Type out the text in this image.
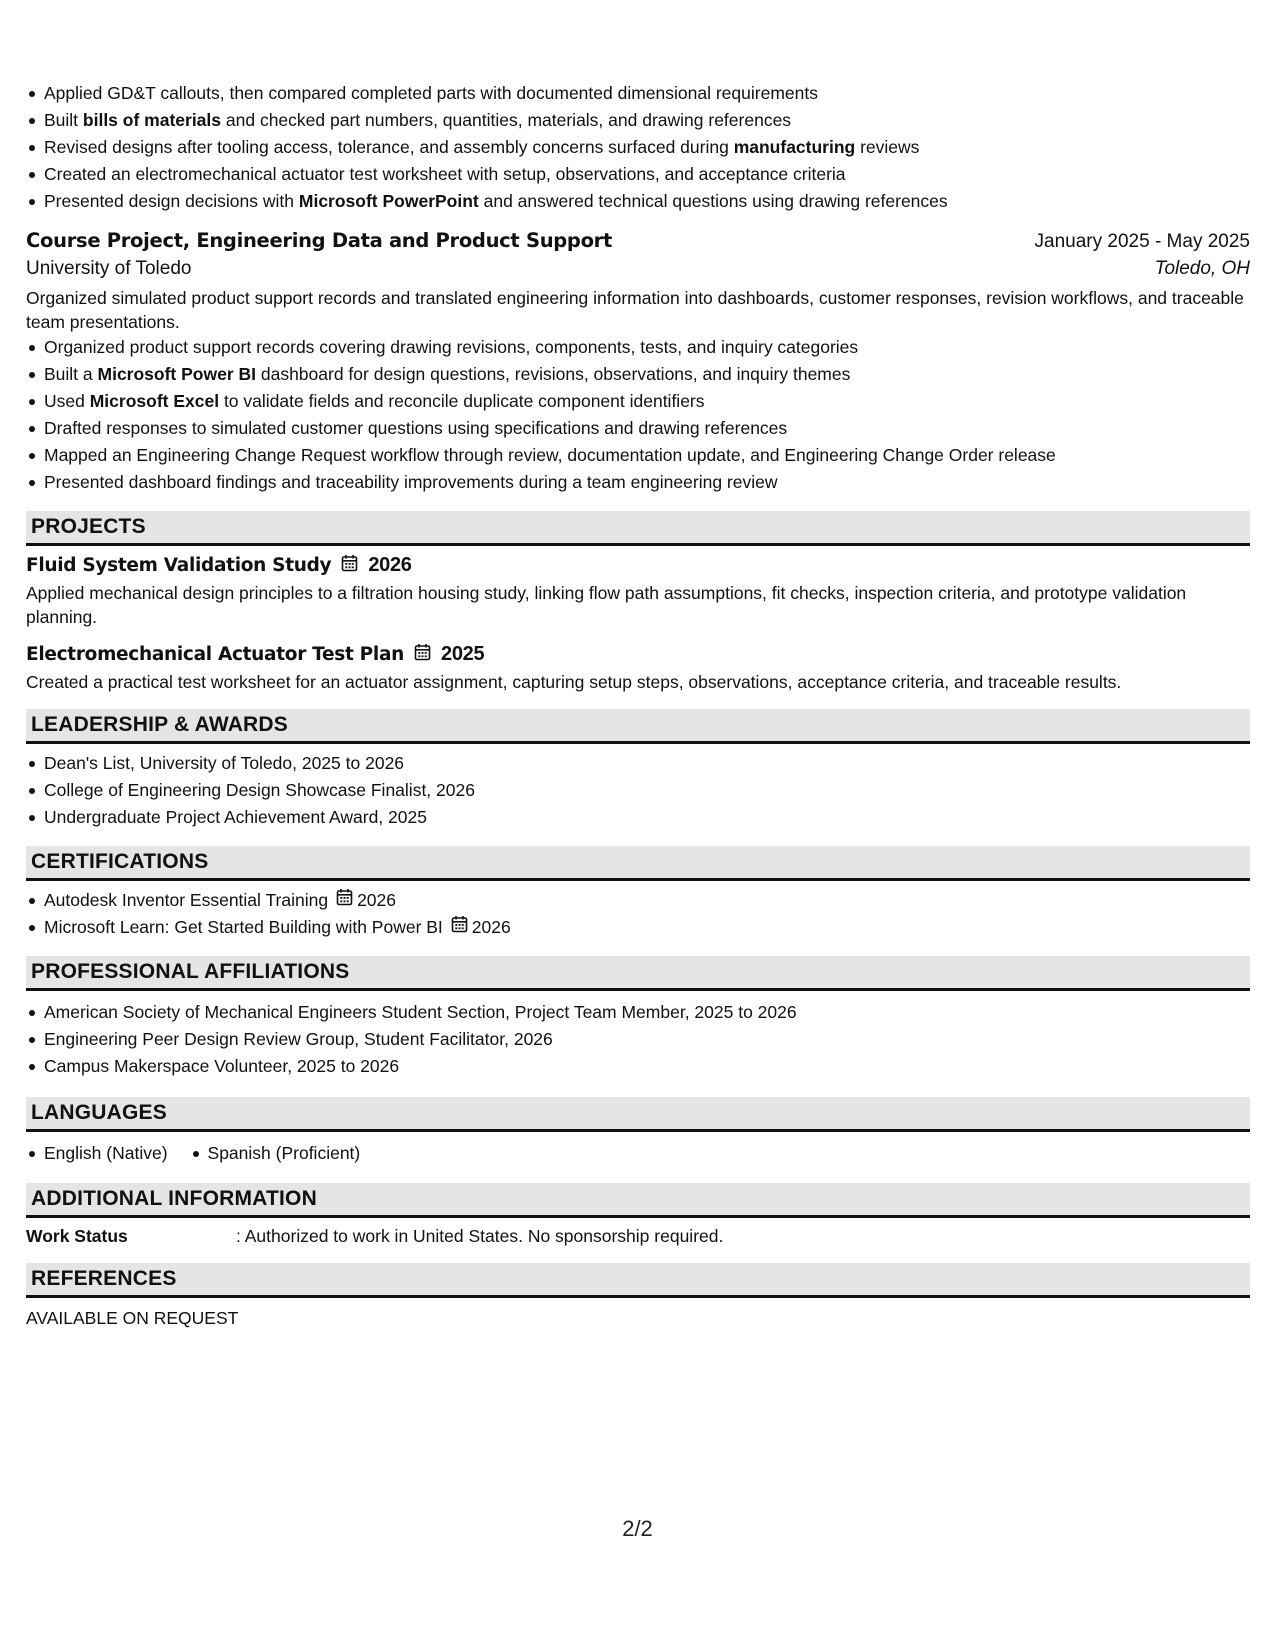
Applied GD&T callouts, then compared completed parts with documented dimensional requirements
Built bills of materials and checked part numbers, quantities, materials, and drawing references
Revised designs after tooling access, tolerance, and assembly concerns surfaced during manufacturing reviews
Created an electromechanical actuator test worksheet with setup, observations, and acceptance criteria
Presented design decisions with Microsoft PowerPoint and answered technical questions using drawing references
Course Project, Engineering Data and Product Support	January 2025 - May 2025
University of Toledo	Toledo, OH
Organized simulated product support records and translated engineering information into dashboards, customer responses, revision workflows, and traceable team presentations.
Organized product support records covering drawing revisions, components, tests, and inquiry categories
Built a Microsoft Power BI dashboard for design questions, revisions, observations, and inquiry themes
Used Microsoft Excel to validate fields and reconcile duplicate component identifiers
Drafted responses to simulated customer questions using specifications and drawing references
Mapped an Engineering Change Request workflow through review, documentation update, and Engineering Change Order release
Presented dashboard findings and traceability improvements during a team engineering review
PROJECTS
Fluid System Validation Study 2026
Applied mechanical design principles to a filtration housing study, linking flow path assumptions, fit checks, inspection criteria, and prototype validation planning.
Electromechanical Actuator Test Plan 2025
Created a practical test worksheet for an actuator assignment, capturing setup steps, observations, acceptance criteria, and traceable results.
LEADERSHIP & AWARDS
Dean's List, University of Toledo, 2025 to 2026
College of Engineering Design Showcase Finalist, 2026
Undergraduate Project Achievement Award, 2025
CERTIFICATIONS
Autodesk Inventor Essential Training 2026
Microsoft Learn: Get Started Building with Power BI 2026
PROFESSIONAL AFFILIATIONS
American Society of Mechanical Engineers Student Section, Project Team Member, 2025 to 2026
Engineering Peer Design Review Group, Student Facilitator, 2026
Campus Makerspace Volunteer, 2025 to 2026
LANGUAGES
English (Native)	Spanish (Proficient)
ADDITIONAL INFORMATION
Work Status	: Authorized to work in United States. No sponsorship required.
REFERENCES
AVAILABLE ON REQUEST
2/2
